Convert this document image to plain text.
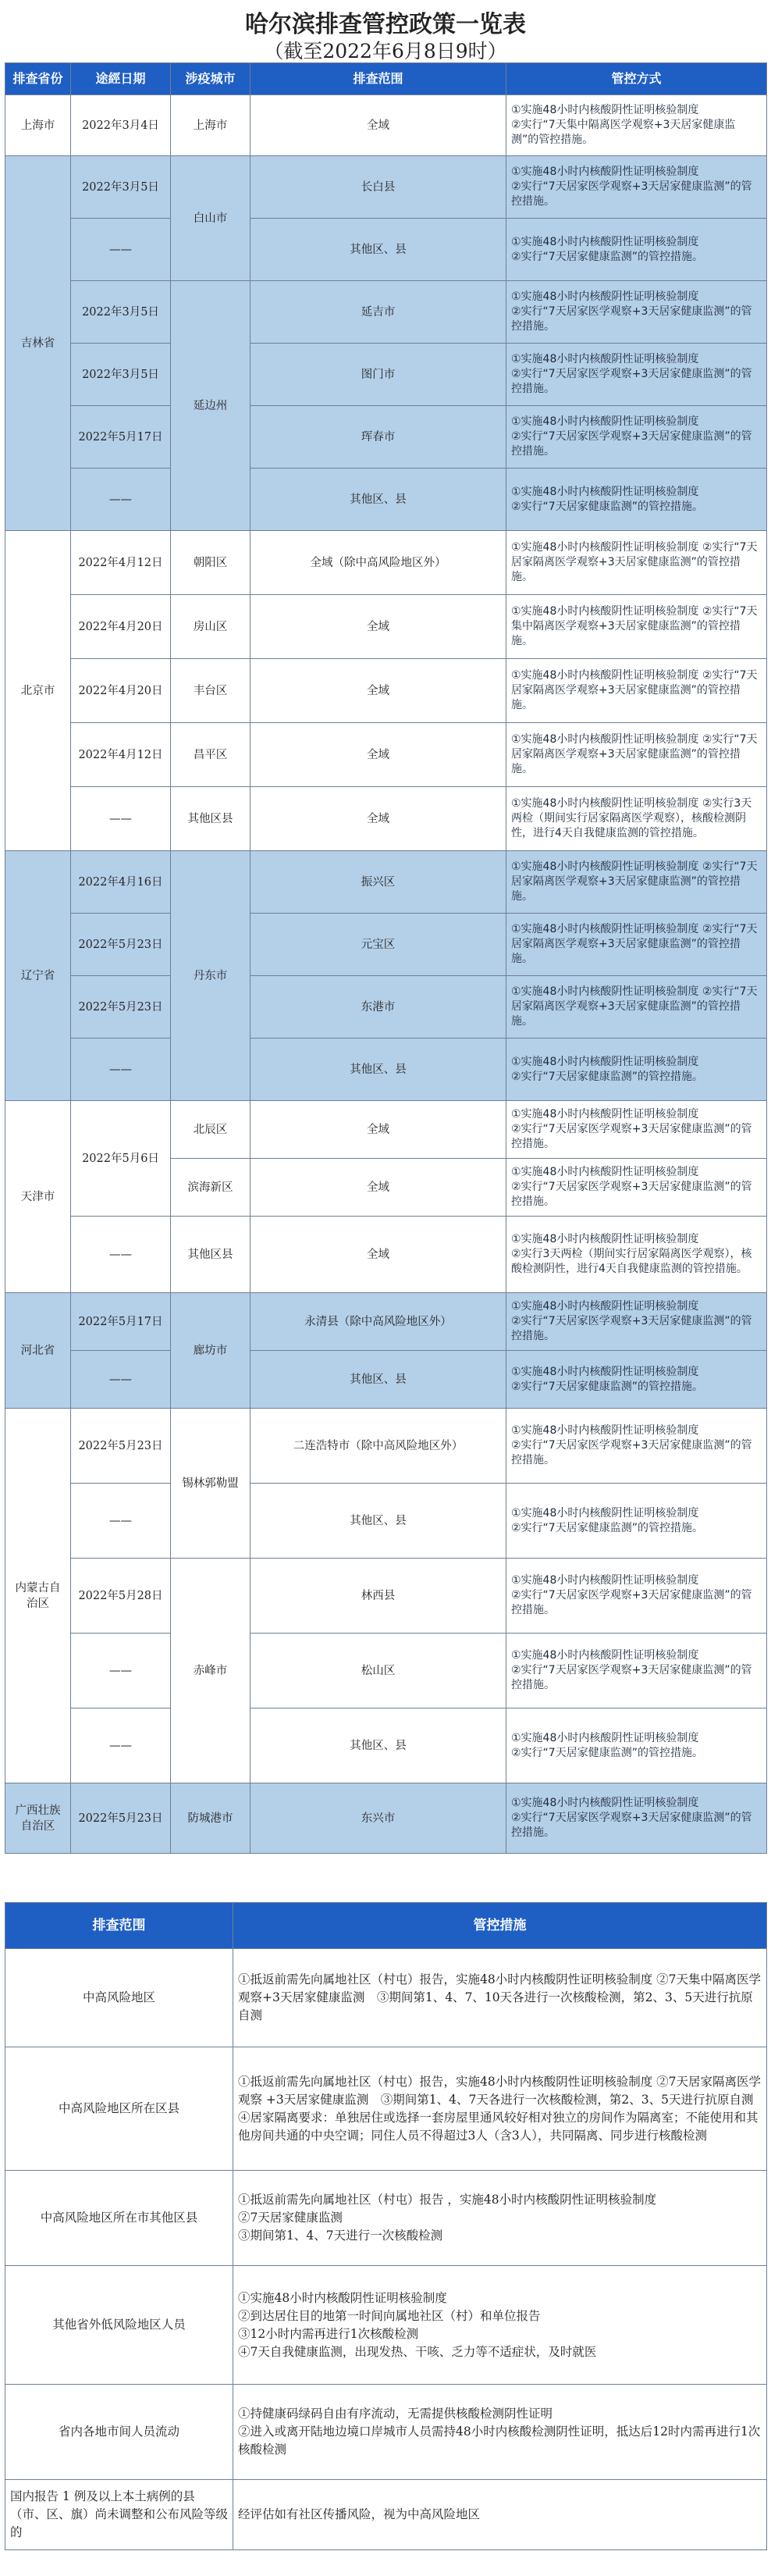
哈尔滨排查管控政策一览表
（截至2022年6月8日9时）
排查省份	途經日期	涉疫城市	排查范围	管控方式
上海市	2022年3月4日	上海市	全域	①实施48小时内核酸阴性证明核验制度
②实行“7天集中隔离医学观察+3天居家健康监测”的管控措施。
吉林省	2022年3月5日	白山市	长白县	①实施48小时内核酸阴性证明核验制度
②实行“7天居家医学观察+3天居家健康监测”的管控措施。
	——		其他区、县	①实施48小时内核酸阴性证明核验制度
②实行“7天居家健康监测”的管控措施。
	2022年3月5日	延边州	延吉市	①实施48小时内核酸阴性证明核验制度
②实行“7天居家医学观察+3天居家健康监测”的管控措施。
	2022年3月5日		图门市	①实施48小时内核酸阴性证明核验制度
②实行“7天居家医学观察+3天居家健康监测”的管控措施。
	2022年5月17日		珲春市	①实施48小时内核酸阴性证明核验制度
②实行“7天居家医学观察+3天居家健康监测”的管控措施。
	——		其他区、县	①实施48小时内核酸阴性证明核验制度
②实行“7天居家健康监测”的管控措施。
北京市	2022年4月12日	朝阳区	全域（除中高风险地区外）	①实施48小时内核酸阴性证明核验制度 ②实行“7天居家隔离医学观察+3天居家健康监测”的管控措施。
	2022年4月20日	房山区	全域	①实施48小时内核酸阴性证明核验制度 ②实行“7天集中隔离医学观察+3天居家健康监测”的管控措施。
	2022年4月20日	丰台区	全域	①实施48小时内核酸阴性证明核验制度 ②实行“7天居家隔离医学观察+3天居家健康监测”的管控措施。
	2022年4月12日	昌平区	全域	①实施48小时内核酸阴性证明核验制度 ②实行“7天居家隔离医学观察+3天居家健康监测”的管控措施。
	——	其他区县	全域	①实施48小时内核酸阴性证明核验制度 ②实行3天两检（期间实行居家隔离医学观察），核酸检测阴性，进行4天自我健康监测的管控措施。
辽宁省	2022年4月16日	丹东市	振兴区	①实施48小时内核酸阴性证明核验制度 ②实行“7天居家隔离医学观察+3天居家健康监测”的管控措施。
	2022年5月23日		元宝区	①实施48小时内核酸阴性证明核验制度 ②实行“7天居家隔离医学观察+3天居家健康监测”的管控措施。
	2022年5月23日		东港市	①实施48小时内核酸阴性证明核验制度 ②实行“7天居家隔离医学观察+3天居家健康监测”的管控措施。
	——		其他区、县	①实施48小时内核酸阴性证明核验制度
②实行“7天居家健康监测”的管控措施。
天津市	2022年5月6日	北辰区	全域	①实施48小时内核酸阴性证明核验制度
②实行“7天居家医学观察+3天居家健康监测”的管控措施。
		滨海新区	全域	①实施48小时内核酸阴性证明核验制度
②实行“7天居家医学观察+3天居家健康监测”的管控措施。
	——	其他区县	全域	①实施48小时内核酸阴性证明核验制度
②实行3天两检（期间实行居家隔离医学观察），核酸检测阴性，进行4天自我健康监测的管控措施。
河北省	2022年5月17日	廊坊市	永清县（除中高风险地区外）	①实施48小时内核酸阴性证明核验制度
②实行“7天居家医学观察+3天居家健康监测”的管控措施。
	——		其他区、县	①实施48小时内核酸阴性证明核验制度
②实行“7天居家健康监测”的管控措施。
内蒙古自治区	2022年5月23日	锡林郭勒盟	二连浩特市（除中高风险地区外）	①实施48小时内核酸阴性证明核验制度
②实行“7天居家医学观察+3天居家健康监测”的管控措施。
	——		其他区、县	①实施48小时内核酸阴性证明核验制度
②实行“7天居家健康监测”的管控措施。
	2022年5月28日	赤峰市	林西县	①实施48小时内核酸阴性证明核验制度
②实行“7天居家医学观察+3天居家健康监测”的管控措施。
	——		松山区	①实施48小时内核酸阴性证明核验制度
②实行“7天居家医学观察+3天居家健康监测”的管控措施。
	——		其他区、县	①实施48小时内核酸阴性证明核验制度
②实行“7天居家健康监测”的管控措施。
广西壮族自治区	2022年5月23日	防城港市	东兴市	①实施48小时内核酸阴性证明核验制度
②实行“7天居家医学观察+3天居家健康监测”的管控措施。
排查范围	管控措施
中高风险地区	①抵返前需先向属地社区（村屯）报告，实施48小时内核酸阴性证明核验制度 ②7天集中隔离医学观察+3天居家健康监测　③期间第1、4、7、10天各进行一次核酸检测，第2、3、5天进行抗原自测
中高风险地区所在区县	①抵返前需先向属地社区（村屯）报告，实施48小时内核酸阴性证明核验制度 ②7天居家隔离医学观察 +3天居家健康监测　③期间第1、4、7天各进行一次核酸检测，第2、3、5天进行抗原自测　④居家隔离要求：单独居住或选择一套房屋里通风较好相对独立的房间作为隔离室；不能使用和其他房间共通的中央空调；同住人员不得超过3人（含3人），共同隔离、同步进行核酸检测
中高风险地区所在市其他区县	①抵返前需先向属地社区（村屯）报告 ，实施48小时内核酸阴性证明核验制度
②7天居家健康监测
③期间第1、4、7天进行一次核酸检测
其他省外低风险地区人员	①实施48小时内核酸阴性证明核验制度
②到达居住目的地第一时间向属地社区（村）和单位报告
③12小时内需再进行1次核酸检测
④7天自我健康监测，出现发热、干咳、乏力等不适症状，及时就医
省内各地市间人员流动	①持健康码绿码自由有序流动，无需提供核酸检测阴性证明
②进入或离开陆地边境口岸城市人员需持48小时内核酸检测阴性证明，抵达后12时内需再进行1次核酸检测
国内报告 1 例及以上本土病例的县（市、区、旗）尚未调整和公布风险等级的	经评估如有社区传播风险，视为中高风险地区
